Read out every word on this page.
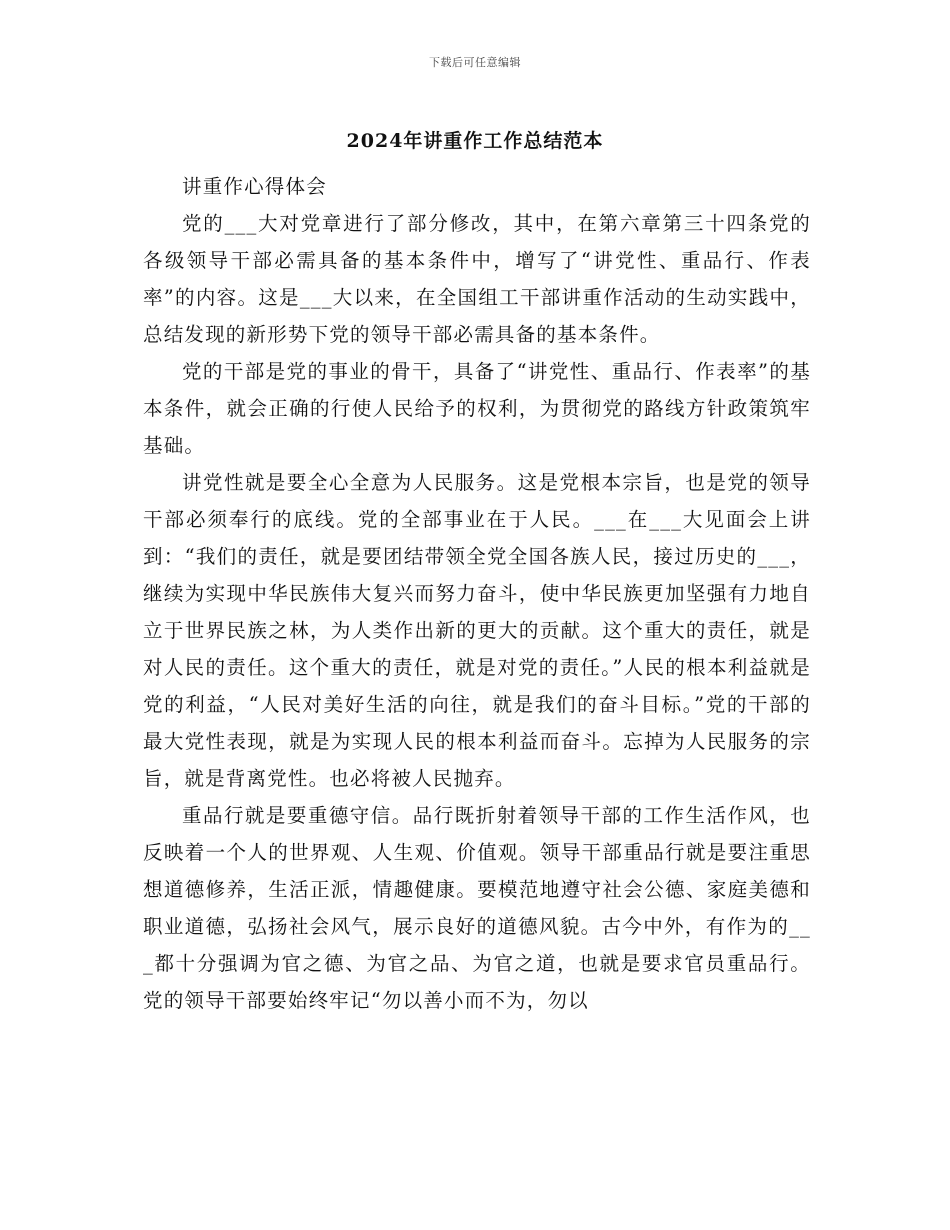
下载后可任意编辑
2024年讲重作工作总结范本

讲重作心得体会

党的___大对党章进行了部分修改，其中，在第六章第三十四条党的各级领导干部必需具备的基本条件中，增写了“讲党性、重品行、作表率”的内容。这是___大以来，在全国组工干部讲重作活动的生动实践中，总结发现的新形势下党的领导干部必需具备的基本条件。

党的干部是党的事业的骨干，具备了“讲党性、重品行、作表率”的基本条件，就会正确的行使人民给予的权利，为贯彻党的路线方针政策筑牢基础。

讲党性就是要全心全意为人民服务。这是党根本宗旨，也是党的领导干部必须奉行的底线。党的全部事业在于人民。___在___大见面会上讲到：“我们的责任，就是要团结带领全党全国各族人民，接过历史的___，继续为实现中华民族伟大复兴而努力奋斗，使中华民族更加坚强有力地自立于世界民族之林，为人类作出新的更大的贡献。这个重大的责任，就是对人民的责任。这个重大的责任，就是对党的责任。”人民的根本利益就是党的利益，“人民对美好生活的向往，就是我们的奋斗目标。”党的干部的最大党性表现，就是为实现人民的根本利益而奋斗。忘掉为人民服务的宗旨，就是背离党性。也必将被人民抛弃。

重品行就是要重德守信。品行既折射着领导干部的工作生活作风，也反映着一个人的世界观、人生观、价值观。领导干部重品行就是要注重思想道德修养，生活正派，情趣健康。要模范地遵守社会公德、家庭美德和职业道德，弘扬社会风气，展示良好的道德风貌。古今中外，有作为的___都十分强调为官之德、为官之品、为官之道，也就是要求官员重品行。党的领导干部要始终牢记“勿以善小而不为，勿以
